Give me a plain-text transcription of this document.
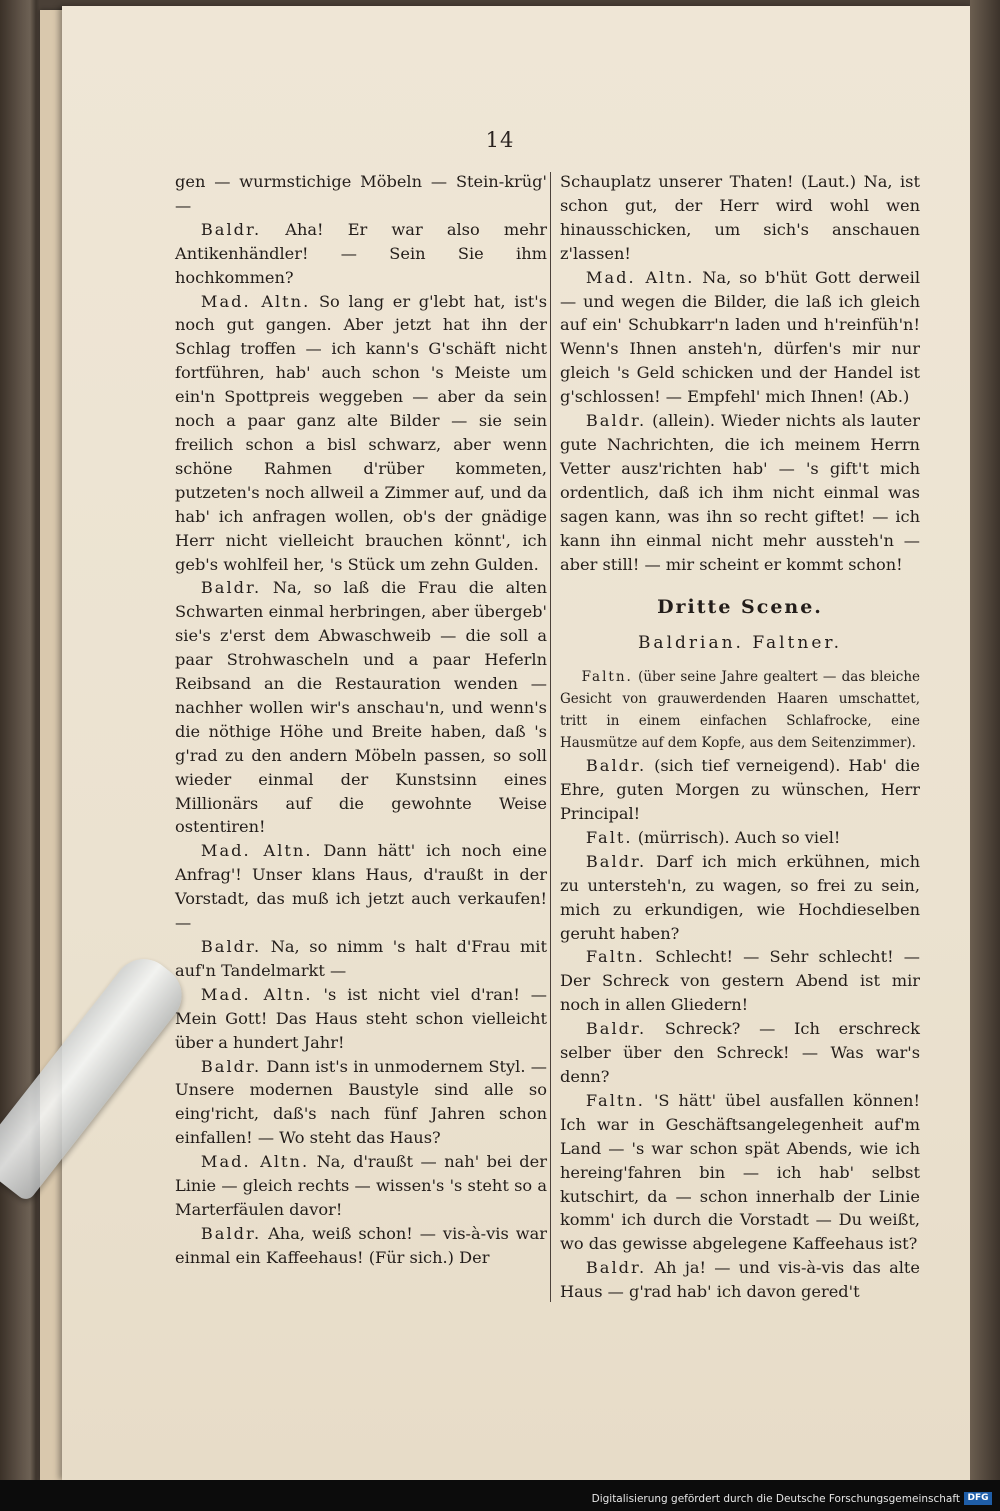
14

gen — wurmstichige Möbeln — Stein-krüg' —

Baldr. Aha! Er war also mehr Antikenhändler! — Sein Sie ihm hochkommen?

Mad. Altn. So lang er g'lebt hat, ist's noch gut gangen. Aber jetzt hat ihn der Schlag troffen — ich kann's G'schäft nicht fortführen, hab' auch schon 's Meiste um ein'n Spottpreis weggeben — aber da sein noch a paar ganz alte Bilder — sie sein freilich schon a bisl schwarz, aber wenn schöne Rahmen d'rüber kommeten, putzeten's noch allweil a Zimmer auf, und da hab' ich anfragen wollen, ob's der gnädige Herr nicht vielleicht brauchen könnt', ich geb's wohlfeil her, 's Stück um zehn Gulden.

Baldr. Na, so laß die Frau die alten Schwarten einmal herbringen, aber übergeb' sie's z'erst dem Abwaschweib — die soll a paar Strohwascheln und a paar Heferln Reibsand an die Restauration wenden — nachher wollen wir's anschau'n, und wenn's die nöthige Höhe und Breite haben, daß 's g'rad zu den andern Möbeln passen, so soll wieder einmal der Kunstsinn eines Millionärs auf die gewohnte Weise ostentiren!

Mad. Altn. Dann hätt' ich noch eine Anfrag'! Unser klans Haus, d'raußt in der Vorstadt, das muß ich jetzt auch verkaufen! —

Baldr. Na, so nimm 's halt d'Frau mit auf'n Tandelmarkt —

Mad. Altn. 's ist nicht viel d'ran! — Mein Gott! Das Haus steht schon vielleicht über a hundert Jahr!

Baldr. Dann ist's in unmodernem Styl. — Unsere modernen Baustyle sind alle so eing'richt, daß's nach fünf Jahren schon einfallen! — Wo steht das Haus?

Mad. Altn. Na, d'raußt — nah' bei der Linie — gleich rechts — wissen's 's steht so a Marterfäulen davor!

Baldr. Aha, weiß schon! — vis-à-vis war einmal ein Kaffeehaus! (Für sich.) Der

Schauplatz unserer Thaten! (Laut.) Na, ist schon gut, der Herr wird wohl wen hinausschicken, um sich's anschauen z'lassen!

Mad. Altn. Na, so b'hüt Gott derweil — und wegen die Bilder, die laß ich gleich auf ein' Schubkarr'n laden und h'reinfüh'n! Wenn's Ihnen ansteh'n, dürfen's mir nur gleich 's Geld schicken und der Handel ist g'schlossen! — Empfehl' mich Ihnen! (Ab.)

Baldr. (allein). Wieder nichts als lauter gute Nachrichten, die ich meinem Herrn Vetter ausz'richten hab' — 's gift't mich ordentlich, daß ich ihm nicht einmal was sagen kann, was ihn so recht giftet! — ich kann ihn einmal nicht mehr aussteh'n — aber still! — mir scheint er kommt schon!

Dritte Scene.
Baldrian. Faltner.

Faltn. (über seine Jahre gealtert — das bleiche Gesicht von grauwerdenden Haaren umschattet, tritt in einem einfachen Schlafrocke, eine Hausmütze auf dem Kopfe, aus dem Seitenzimmer).

Baldr. (sich tief verneigend). Hab' die Ehre, guten Morgen zu wünschen, Herr Principal!

Falt. (mürrisch). Auch so viel!

Baldr. Darf ich mich erkühnen, mich zu untersteh'n, zu wagen, so frei zu sein, mich zu erkundigen, wie Hochdieselben geruht haben?

Faltn. Schlecht! — Sehr schlecht! — Der Schreck von gestern Abend ist mir noch in allen Gliedern!

Baldr. Schreck? — Ich erschreck selber über den Schreck! — Was war's denn?

Faltn. 'S hätt' übel ausfallen können! Ich war in Geschäftsangelegenheit auf'm Land — 's war schon spät Abends, wie ich hereing'fahren bin — ich hab' selbst kutschirt, da — schon innerhalb der Linie komm' ich durch die Vorstadt — Du weißt, wo das gewisse abgelegene Kaffeehaus ist?

Baldr. Ah ja! — und vis-à-vis das alte Haus — g'rad hab' ich davon gered't

Digitalisierung gefördert durch die Deutsche Forschungsgemeinschaft DFG
